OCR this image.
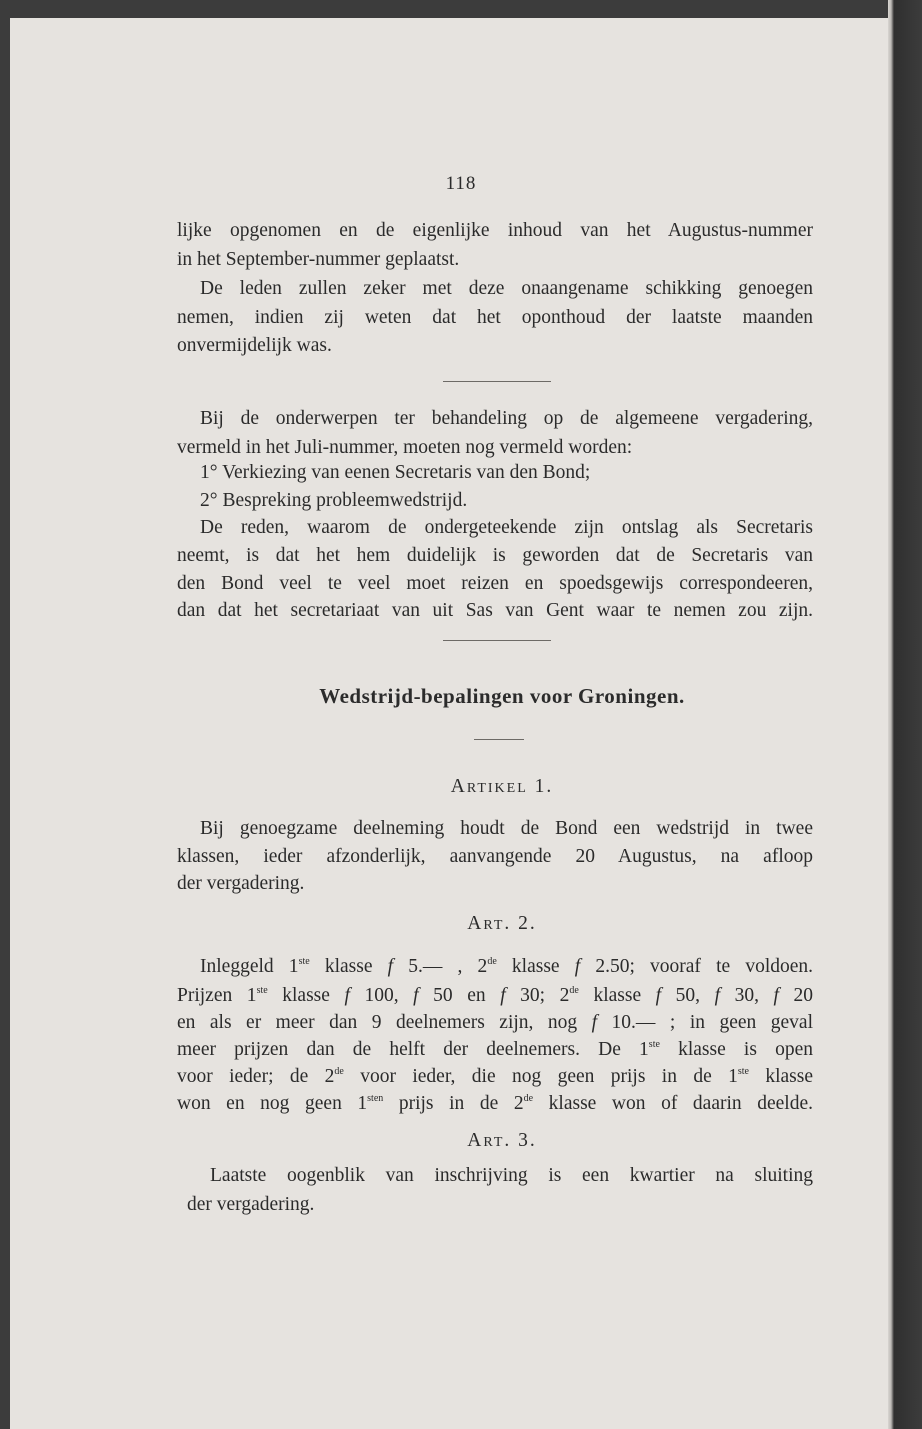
118
lijke opgenomen en de eigenlijke inhoud van het Augustus-nummer
in het September-nummer geplaatst.
De leden zullen zeker met deze onaangename schikking genoegen
nemen, indien zij weten dat het oponthoud der laatste maanden
onvermijdelijk was.
Bij de onderwerpen ter behandeling op de algemeene vergadering,
vermeld in het Juli-nummer, moeten nog vermeld worden:
1° Verkiezing van eenen Secretaris van den Bond;
2° Bespreking probleemwedstrijd.
De reden, waarom de ondergeteekende zijn ontslag als Secretaris
neemt, is dat het hem duidelijk is geworden dat de Secretaris van
den Bond veel te veel moet reizen en spoedsgewijs correspondeeren,
dan dat het secretariaat van uit Sas van Gent waar te nemen zou zijn.
Wedstrijd-bepalingen voor Groningen.
Artikel 1.
Bij genoegzame deelneming houdt de Bond een wedstrijd in twee
klassen, ieder afzonderlijk, aanvangende 20 Augustus, na afloop
der vergadering.
Art. 2.
Inleggeld 1ste klasse f 5.— , 2de klasse f 2.50; vooraf te voldoen.
Prijzen 1ste klasse f 100, f 50 en f 30; 2de klasse f 50, f 30, f 20
en als er meer dan 9 deelnemers zijn, nog f 10.— ; in geen geval
meer prijzen dan de helft der deelnemers. De 1ste klasse is open
voor ieder; de 2de voor ieder, die nog geen prijs in de 1ste klasse
won en nog geen $1^{sten}$ prijs in de 2de klasse won of daarin deelde.
Art. 3.
Laatste oogenblik van inschrijving is een kwartier na sluiting
der vergadering.
